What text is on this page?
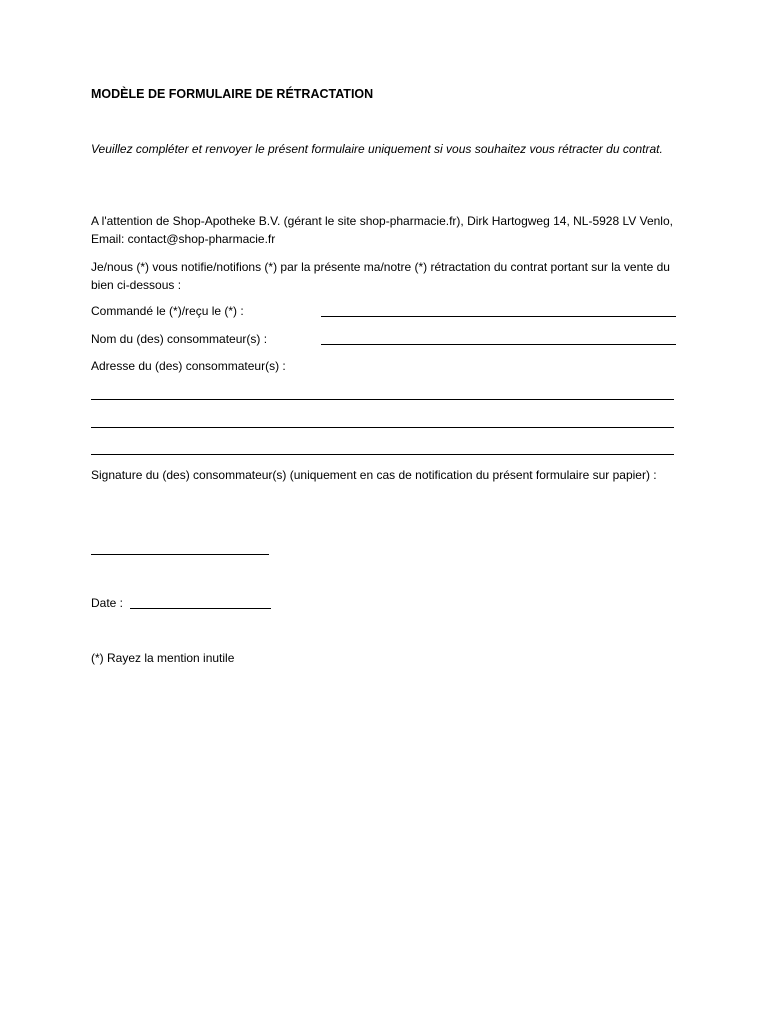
MODÈLE DE FORMULAIRE DE RÉTRACTATION
Veuillez compléter et renvoyer le présent formulaire uniquement si vous souhaitez vous rétracter du contrat.
A l'attention de Shop-Apotheke B.V. (gérant le site shop-pharmacie.fr), Dirk Hartogweg 14, NL-5928 LV Venlo, Email: contact@shop-pharmacie.fr
Je/nous (*) vous notifie/notifions (*) par la présente ma/notre (*) rétractation du contrat portant sur la vente du bien ci-dessous :
Commandé le (*)/reçu le (*) :
Nom du (des) consommateur(s) :
Adresse du (des) consommateur(s) :
Signature du (des) consommateur(s) (uniquement en cas de notification du présent formulaire sur papier) :
Date :
(*) Rayez la mention inutile
